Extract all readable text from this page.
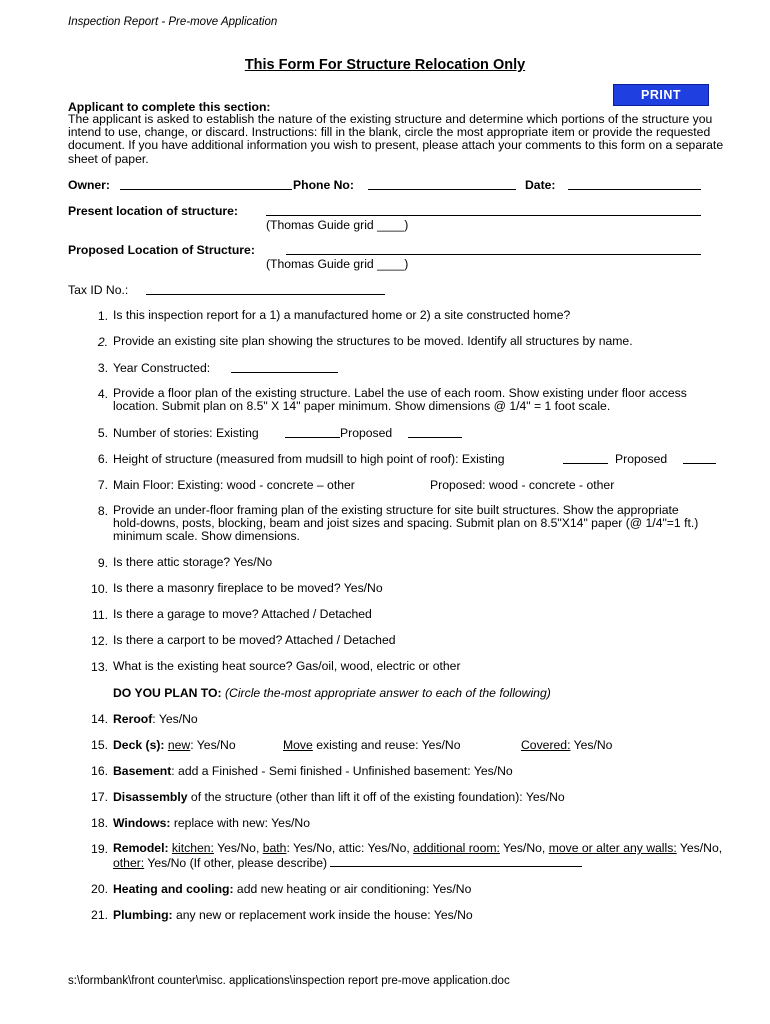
Inspection Report - Pre-move Application
This Form For Structure Relocation Only
PRINT
Applicant to complete this section:
The applicant is asked to establish the nature of the existing structure and determine which portions of the structure you intend to use, change, or discard. Instructions: fill in the blank, circle the most appropriate item or provide the requested document. If you have additional information you wish to present, please attach your comments to this form on a separate sheet of paper.
Owner:	Phone No:	Date:
Present location of structure:
(Thomas Guide grid ____)
Proposed Location of Structure:
(Thomas Guide grid ____)
Tax ID No.:
1. Is this inspection report for a 1) a manufactured home or 2) a site constructed home?
2. Provide an existing site plan showing the structures to be moved. Identify all structures by name.
3. Year Constructed:
4. Provide a floor plan of the existing structure. Label the use of each room. Show existing under floor access location. Submit plan on 8.5" X 14" paper minimum. Show dimensions @ 1/4" = 1 foot scale.
5. Number of stories: Existing	Proposed
6. Height of structure (measured from mudsill to high point of roof): Existing	Proposed
7. Main Floor: Existing: wood - concrete – other	Proposed: wood - concrete - other
8. Provide an under-floor framing plan of the existing structure for site built structures. Show the appropriate hold-downs, posts, blocking, beam and joist sizes and spacing. Submit plan on 8.5"X14" paper (@ 1/4"=1 ft.) minimum scale. Show dimensions.
9. Is there attic storage? Yes/No
10. Is there a masonry fireplace to be moved? Yes/No
11. Is there a garage to move? Attached / Detached
12. Is there a carport to be moved? Attached / Detached
13. What is the existing heat source? Gas/oil, wood, electric or other
DO YOU PLAN TO: (Circle the-most appropriate answer to each of the following)
14. Reroof: Yes/No
15. Deck (s): new: Yes/No	Move existing and reuse: Yes/No	Covered: Yes/No
16. Basement: add a Finished - Semi finished - Unfinished basement: Yes/No
17. Disassembly of the structure (other than lift it off of the existing foundation): Yes/No
18. Windows: replace with new: Yes/No
19. Remodel: kitchen: Yes/No, bath: Yes/No, attic: Yes/No, additional room: Yes/No, move or alter any walls: Yes/No, other: Yes/No (If other, please describe)
20. Heating and cooling: add new heating or air conditioning: Yes/No
21. Plumbing: any new or replacement work inside the house: Yes/No
s:\formbank\front counter\misc. applications\inspection report pre-move application.doc
